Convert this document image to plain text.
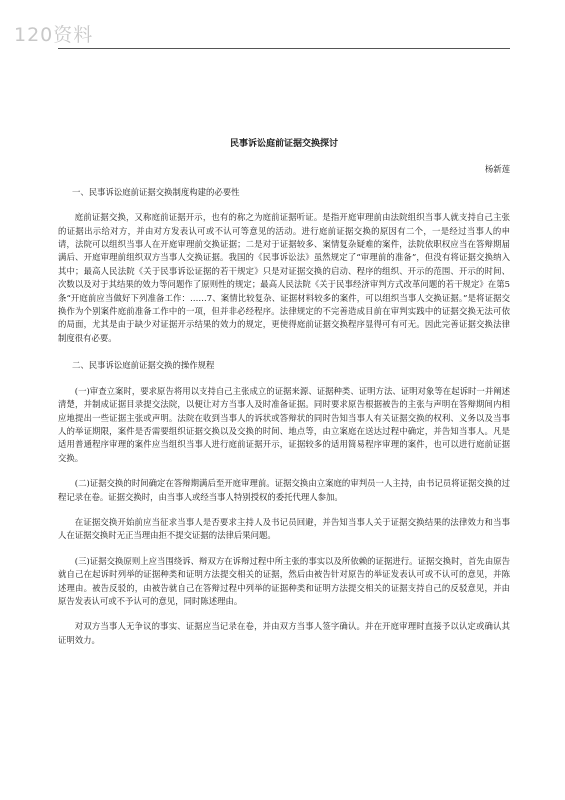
120资料

民事诉讼庭前证据交换探讨

杨新莲

一、民事诉讼庭前证据交换制度构建的必要性

庭前证据交换，又称庭前证据开示，也有的称之为庭前证据听证。是指开庭审理前由法院组织当事人就支持自己主张的证据出示给对方，并由对方发表认可或不认可等意见的活动。进行庭前证据交换的原因有二个，一是经过当事人的申请，法院可以组织当事人在开庭审理前交换证据；二是对于证据较多、案情复杂疑难的案件，法院依职权应当在答辩期届满后、开庭审理前组织双方当事人交换证据。我国的《民事诉讼法》虽然规定了“审理前的准备”，但没有将证据交换纳入其中；最高人民法院《关于民事诉讼证据的若干规定》只是对证据交换的启动、程序的组织、开示的范围、开示的时间、次数以及对于其结果的效力等问题作了原则性的规定；最高人民法院《关于民事经济审判方式改革问题的若干规定》在第5条“开庭前应当做好下列准备工作：……7、案情比较复杂、证据材料较多的案件，可以组织当事人交换证据。”是将证据交换作为个别案件庭前准备工作中的一项，但并非必经程序。法律规定的不完善造成目前在审判实践中的证据交换无法可依的局面，尤其是由于缺少对证据开示结果的效力的规定，更使得庭前证据交换程序显得可有可无。因此完善证据交换法律制度很有必要。

二、民事诉讼庭前证据交换的操作规程

(一)审查立案时，要求原告将用以支持自己主张成立的证据来源、证据种类、证明方法、证明对象等在起诉时一并阐述清楚，并制成证据目录提交法院，以便让对方当事人及时准备证据。同时要求原告根据被告的主张与声明在答辩期间内相应地提出一些证据主张或声明。法院在收到当事人的诉状或答辩状的同时告知当事人有关证据交换的权利、义务以及当事人的举证期限，案件是否需要组织证据交换以及交换的时间、地点等，由立案庭在送达过程中确定，并告知当事人。凡是适用普通程序审理的案件应当组织当事人进行庭前证据开示，证据较多的适用简易程序审理的案件，也可以进行庭前证据交换。

(二)证据交换的时间确定在答辩期满后至开庭审理前。证据交换由立案庭的审判员一人主持，由书记员将证据交换的过程记录在卷。证据交换时，由当事人或经当事人特别授权的委托代理人参加。

在证据交换开始前应当征求当事人是否要求主持人及书记员回避，并告知当事人关于证据交换结果的法律效力和当事人在证据交换时无正当理由拒不提交证据的法律后果问题。

(三)证据交换原则上应当围绕诉、辩双方在诉辩过程中所主张的事实以及所依赖的证据进行。证据交换时，首先由原告就自己在起诉时列举的证据种类和证明方法提交相关的证据，然后由被告针对原告的举证发表认可或不认可的意见，并陈述理由。被告反驳的，由被告就自己在答辩过程中列举的证据种类和证明方法提交相关的证据支持自己的反驳意见，并由原告发表认可或不予认可的意见，同时陈述理由。

对双方当事人无争议的事实、证据应当记录在卷，并由双方当事人签字确认。并在开庭审理时直接予以认定或确认其证明效力。
